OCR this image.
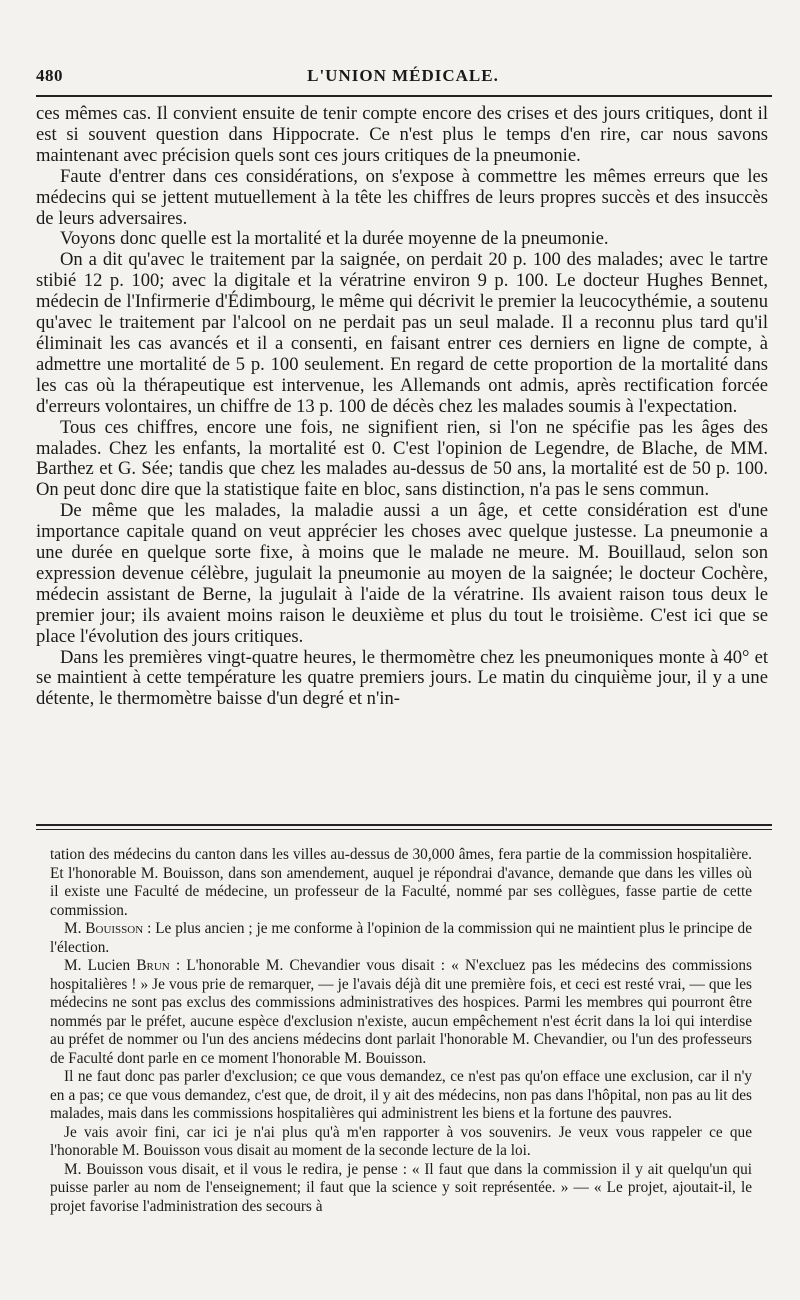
480	L'UNION MÉDICALE.

ces mêmes cas. Il convient ensuite de tenir compte encore des crises et des jours critiques, dont il est si souvent question dans Hippocrate. Ce n'est plus le temps d'en rire, car nous savons maintenant avec précision quels sont ces jours critiques de la pneumonie.

Faute d'entrer dans ces considérations, on s'expose à commettre les mêmes erreurs que les médecins qui se jettent mutuellement à la tête les chiffres de leurs propres succès et des insuccès de leurs adversaires.

Voyons donc quelle est la mortalité et la durée moyenne de la pneumonie.

On a dit qu'avec le traitement par la saignée, on perdait 20 p. 100 des malades; avec le tartre stibié 12 p. 100; avec la digitale et la vératrine environ 9 p. 100. Le docteur Hughes Bennet, médecin de l'Infirmerie d'Édimbourg, le même qui décrivit le premier la leucocythémie, a soutenu qu'avec le traitement par l'alcool on ne perdait pas un seul malade. Il a reconnu plus tard qu'il éliminait les cas avancés et il a consenti, en faisant entrer ces derniers en ligne de compte, à admettre une mortalité de 5 p. 100 seulement. En regard de cette proportion de la mortalité dans les cas où la thérapeutique est intervenue, les Allemands ont admis, après rectification forcée d'erreurs volontaires, un chiffre de 13 p. 100 de décès chez les malades soumis à l'expectation.

Tous ces chiffres, encore une fois, ne signifient rien, si l'on ne spécifie pas les âges des malades. Chez les enfants, la mortalité est 0. C'est l'opinion de Legendre, de Blache, de MM. Barthez et G. Sée; tandis que chez les malades au-dessus de 50 ans, la mortalité est de 50 p. 100. On peut donc dire que la statistique faite en bloc, sans distinction, n'a pas le sens commun.

De même que les malades, la maladie aussi a un âge, et cette considération est d'une importance capitale quand on veut apprécier les choses avec quelque justesse. La pneumonie a une durée en quelque sorte fixe, à moins que le malade ne meure. M. Bouillaud, selon son expression devenue célèbre, jugulait la pneumonie au moyen de la saignée; le docteur Cochère, médecin assistant de Berne, la jugulait à l'aide de la vératrine. Ils avaient raison tous deux le premier jour; ils avaient moins raison le deuxième et plus du tout le troisième. C'est ici que se place l'évolution des jours critiques.

Dans les premières vingt-quatre heures, le thermomètre chez les pneumoniques monte à 40° et se maintient à cette température les quatre premiers jours. Le matin du cinquième jour, il y a une détente, le thermomètre baisse d'un degré et n'in-

tation des médecins du canton dans les villes au-dessus de 30,000 âmes, fera partie de la commission hospitalière. Et l'honorable M. Bouisson, dans son amendement, auquel je répondrai d'avance, demande que dans les villes où il existe une Faculté de médecine, un professeur de la Faculté, nommé par ses collègues, fasse partie de cette commission.

M. Bouisson : Le plus ancien ; je me conforme à l'opinion de la commission qui ne maintient plus le principe de l'élection.

M. Lucien Brun : L'honorable M. Chevandier vous disait : « N'excluez pas les médecins des commissions hospitalières ! » Je vous prie de remarquer, — je l'avais déjà dit une première fois, et ceci est resté vrai, — que les médecins ne sont pas exclus des commissions administratives des hospices. Parmi les membres qui pourront être nommés par le préfet, aucune espèce d'exclusion n'existe, aucun empêchement n'est écrit dans la loi qui interdise au préfet de nommer ou l'un des anciens médecins dont parlait l'honorable M. Chevandier, ou l'un des professeurs de Faculté dont parle en ce moment l'honorable M. Bouisson.

Il ne faut donc pas parler d'exclusion; ce que vous demandez, ce n'est pas qu'on efface une exclusion, car il n'y en a pas; ce que vous demandez, c'est que, de droit, il y ait des médecins, non pas dans l'hôpital, non pas au lit des malades, mais dans les commissions hospitalières qui administrent les biens et la fortune des pauvres.

Je vais avoir fini, car ici je n'ai plus qu'à m'en rapporter à vos souvenirs. Je veux vous rappeler ce que l'honorable M. Bouisson vous disait au moment de la seconde lecture de la loi.

M. Bouisson vous disait, et il vous le redira, je pense : « Il faut que dans la commission il y ait quelqu'un qui puisse parler au nom de l'enseignement; il faut que la science y soit représentée. » — « Le projet, ajoutait-il, le projet favorise l'administration des secours à
